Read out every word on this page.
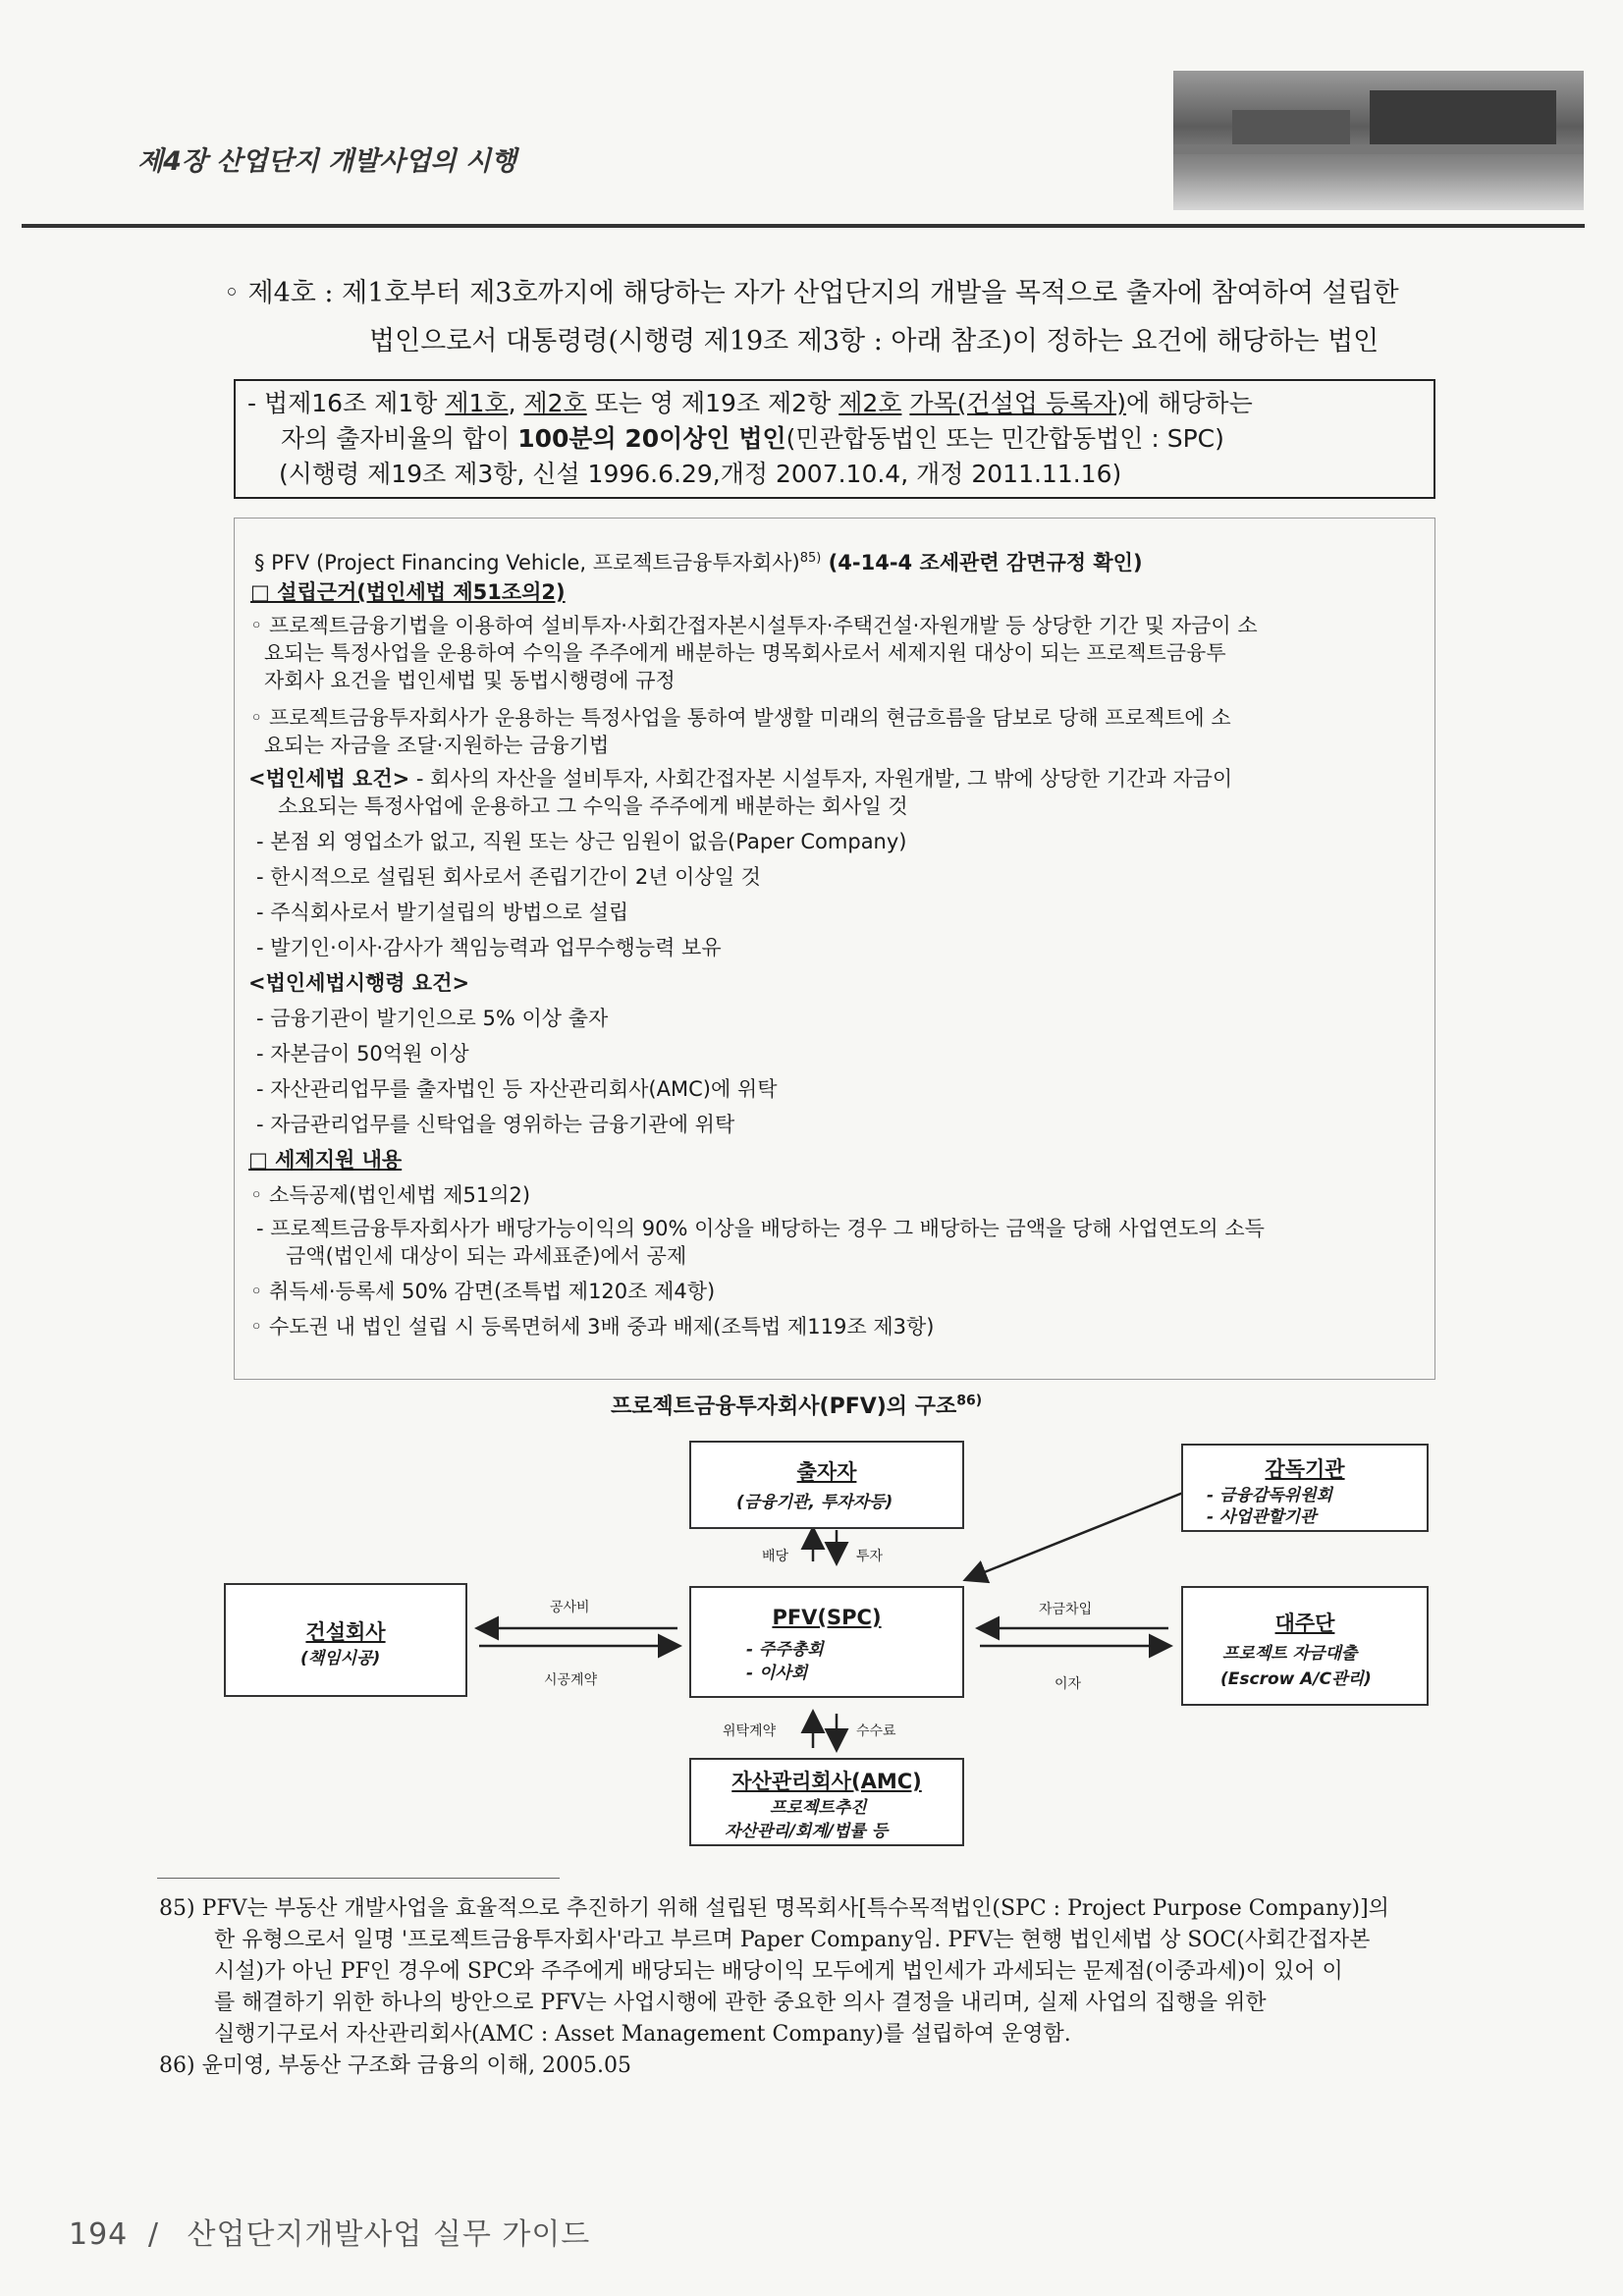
제4장 산업단지 개발사업의 시행
◦ 제4호 : 제1호부터 제3호까지에 해당하는 자가 산업단지의 개발을 목적으로 출자에 참여하여 설립한
법인으로서 대통령령(시행령 제19조 제3항 : 아래 참조)이 정하는 요건에 해당하는 법인
- 법제16조 제1항 제1호, 제2호 또는 영 제19조 제2항 제2호 가목(건설업 등록자)에 해당하는
자의 출자비율의 합이 100분의 20이상인 법인(민관합동법인 또는 민간합동법인 : SPC)
(시행령 제19조 제3항, 신설 1996.6.29,개정 2007.10.4, 개정 2011.11.16)
§ PFV (Project Financing Vehicle, 프로젝트금융투자회사)$^{85)}$ (4-14-4 조세관련 감면규정 확인)
□ 설립근거(법인세법 제51조의2)
◦ 프로젝트금융기법을 이용하여 설비투자·사회간접자본시설투자·주택건설·자원개발 등 상당한 기간 및 자금이 소
요되는 특정사업을 운용하여 수익을 주주에게 배분하는 명목회사로서 세제지원 대상이 되는 프로젝트금융투
자회사 요건을 법인세법 및 동법시행령에 규정
◦ 프로젝트금융투자회사가 운용하는 특정사업을 통하여 발생할 미래의 현금흐름을 담보로 당해 프로젝트에 소
요되는 자금을 조달·지원하는 금융기법
<법인세법 요건> - 회사의 자산을 설비투자, 사회간접자본 시설투자, 자원개발, 그 밖에 상당한 기간과 자금이
소요되는 특정사업에 운용하고 그 수익을 주주에게 배분하는 회사일 것
- 본점 외 영업소가 없고, 직원 또는 상근 임원이 없음(Paper Company)
- 한시적으로 설립된 회사로서 존립기간이 2년 이상일 것
- 주식회사로서 발기설립의 방법으로 설립
- 발기인·이사·감사가 책임능력과 업무수행능력 보유
<법인세법시행령 요건>
- 금융기관이 발기인으로 5% 이상 출자
- 자본금이 50억원 이상
- 자산관리업무를 출자법인 등 자산관리회사(AMC)에 위탁
- 자금관리업무를 신탁업을 영위하는 금융기관에 위탁
□ 세제지원 내용
◦ 소득공제(법인세법 제51의2)
- 프로젝트금융투자회사가 배당가능이익의 90% 이상을 배당하는 경우 그 배당하는 금액을 당해 사업연도의 소득
금액(법인세 대상이 되는 과세표준)에서 공제
◦ 취득세·등록세 50% 감면(조특법 제120조 제4항)
◦ 수도권 내 법인 설립 시 등록면허세 3배 중과 배제(조특법 제119조 제3항)
프로젝트금융투자회사(PFV)의 구조$^{86)}$
출자자
(금융기관, 투자자등)
감독기관
- 금융감독위원회
- 사업관할기관
건설회사
(책임시공)
PFV(SPC)
- 주주총회
- 이사회
대주단
프로젝트 자금대출
(Escrow A/C관리)
자산관리회사(AMC)
프로젝트추진
자산관리/회계/법률 등
배당	투자
공사비
시공계약
자금차입
이자
위탁계약	수수료
85) PFV는 부동산 개발사업을 효율적으로 추진하기 위해 설립된 명목회사[특수목적법인(SPC : Project Purpose Company)]의
한 유형으로서 일명 '프로젝트금융투자회사'라고 부르며 Paper Company임. PFV는 현행 법인세법 상 SOC(사회간접자본
시설)가 아닌 PF인 경우에 SPC와 주주에게 배당되는 배당이익 모두에게 법인세가 과세되는 문제점(이중과세)이 있어 이
를 해결하기 위한 하나의 방안으로 PFV는 사업시행에 관한 중요한 의사 결정을 내리며, 실제 사업의 집행을 위한
실행기구로서 자산관리회사(AMC : Asset Management Company)를 설립하여 운영함.
86) 윤미영, 부동산 구조화 금융의 이해, 2005.05
194 / 산업단지개발사업 실무 가이드
